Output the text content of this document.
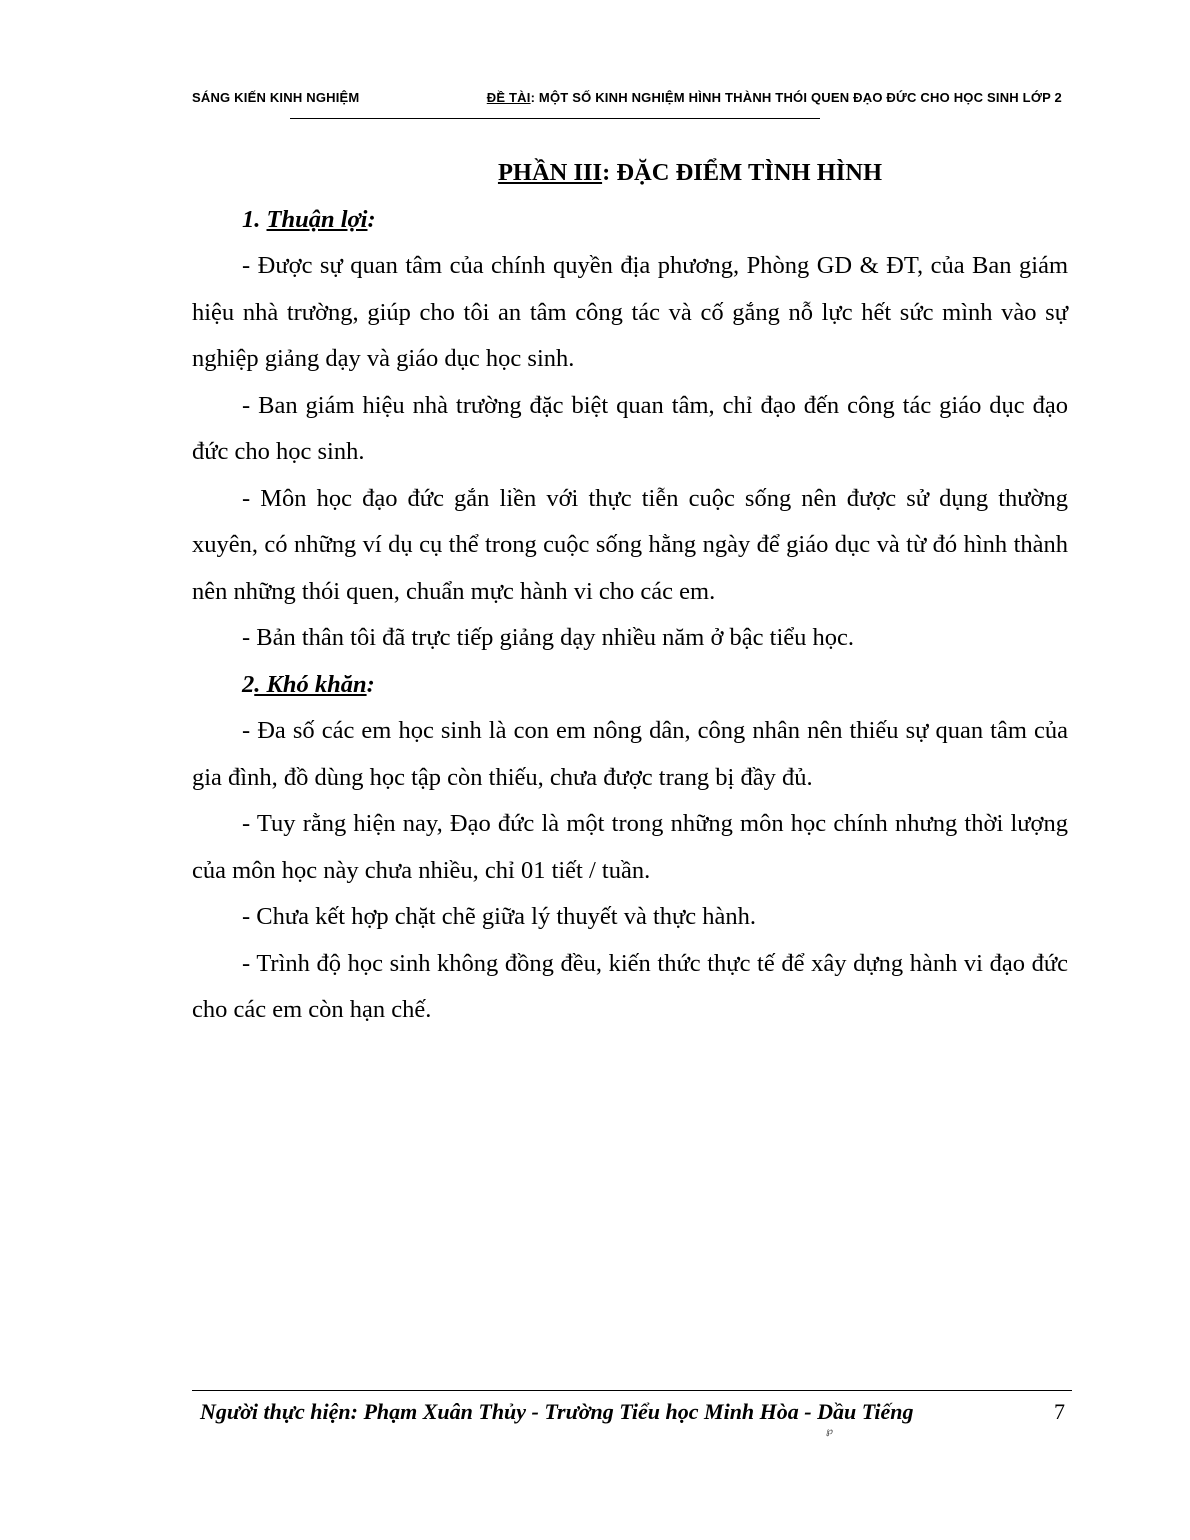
SÁNG KIẾN KINH NGHIỆM	ĐỀ TÀI: MỘT SỐ KINH NGHIỆM HÌNH THÀNH THÓI QUEN ĐẠO ĐỨC CHO HỌC SINH LỚP 2

PHẦN III: ĐẶC ĐIỂM TÌNH HÌNH

1. Thuận lợi:

- Được sự quan tâm của chính quyền địa phương, Phòng GD & ĐT, của Ban giám hiệu nhà trường, giúp cho tôi an tâm công tác và cố gắng nỗ lực hết sức mình vào sự nghiệp giảng dạy và giáo dục học sinh.

- Ban giám hiệu nhà trường đặc biệt quan tâm, chỉ đạo đến công tác giáo dục đạo đức cho học sinh.

- Môn học đạo đức gắn liền với thực tiễn cuộc sống nên được sử dụng thường xuyên, có những ví dụ cụ thể trong cuộc sống hằng ngày để giáo dục và từ đó hình thành nên những thói quen, chuẩn mực hành vi cho các em.

- Bản thân tôi đã trực tiếp giảng dạy nhiều năm ở bậc tiểu học.

2. Khó khăn:

- Đa số các em học sinh là con em nông dân, công nhân nên thiếu sự quan tâm của gia đình, đồ dùng học tập còn thiếu, chưa được trang bị đầy đủ.

- Tuy rằng hiện nay, Đạo đức là một trong những môn học chính nhưng thời lượng của môn học này chưa nhiều, chỉ 01 tiết / tuần.

- Chưa kết hợp chặt chẽ giữa lý thuyết và thực hành.

- Trình độ học sinh không đồng đều, kiến thức thực tế để xây dựng hành vi đạo đức cho các em còn hạn chế.

Người thực hiện: Phạm Xuân Thủy - Trường Tiểu học Minh Hòa - Dầu Tiếng	7
℘
